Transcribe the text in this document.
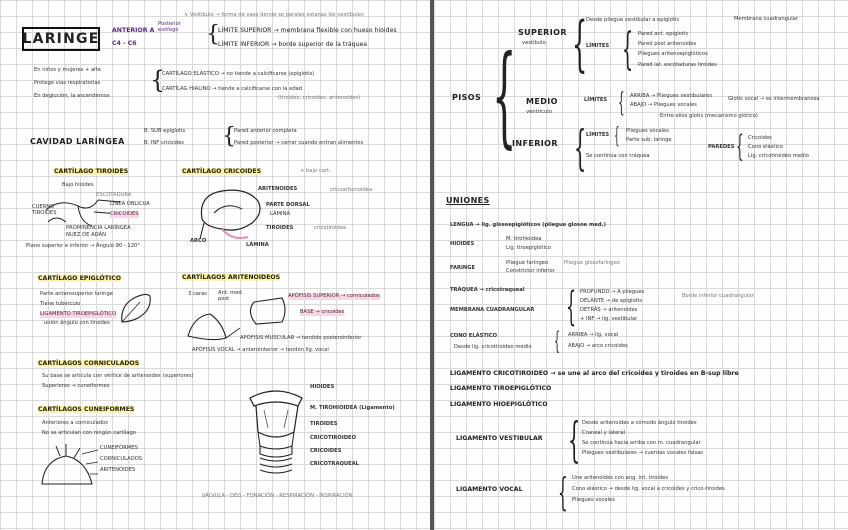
↳ Vestíbulo → forma de vaso dende se parales estanas los vestíbules
LARINGE
ANTERIOR A
C4 - C6
Posterior esófago	{
LÍMITE SUPERIOR → membrana flexible con hueso hioides
LÍMITE INFERIOR → borde superior de la tráquea
En niños y mujeres + alta
Protege vías respiratorias
En deglución, la ascendemos
{
CARTÍLAGO ELÁSTICO → no tiende a calcificarse (epiglotis)
CARTÍLAG HIALINO → tiende a calcificarse con la edad
(tiroides, cricoides, aritenoides)
CAVIDAD LARÍNGEA
B. SUB epiglotis
B. INF cricoides {
Pared anterior completa
Pared posterior → cerrar cuando entran alimentos
CARTÍLAGO TIROIDES
Bajo hioides
ESCOTADURA
LÍNEA OBLICUA
CRICOIDES
CUERNO TIROIDES
PROMINENCIA LARÍNGEA
NUEZ DE ADÁN
Plano superior e inferior → Ángulo 90 - 120°
CARTÍLAGO CRICOIDES	+ bajo cart.
ARITENOIDES	cricoaritenoidea
PARTE DORSAL
LÁMINA
TIROIDES	cricotiroidea
ARCO
LÁMINA
CARTÍLAGO EPIGLÓTICO
Parte anterosuperior laringe
Tiene tubérculo
LIGAMENTO TIROEPIGLÓTICO
unión ángulo con tiroides
CARTÍLAGOS ARITENOIDEOS
3 caras Ant. med post	APÓFISIS SUPERIOR → corniculados
BASE → cricoides
APÓFISIS MUSCULAR → tendido posteroinferior
APÓFISIS VOCAL → anterointerior → tendón lig. vocal
CARTÍLAGOS CORNICULADOS
Su base se articula con vértice de aritenoides (superiores)
Superiores → cuneiformes
CARTÍLAGOS CUNEIFORMES
Anteriores a corniculados
No se articulan con ningún cartílago
CUNEIFORMES
CORNICULADOS
ARITENOIDES
HIOIDES
M. TIROHIOIDEA (Ligamento)
TIROIDES
CRICOTIROIDEO
CRICOIDES
CRICOTRAQUEAL
VÁLVULA - DEG - FONACIÓN - RESPIRACIÓN - INSPIRACIÓN
PISOS { SUPERIOR
vestíbulo {
Desde pliegue vestibular a epiglotis	Membrana cuadrangular
LÍMITES { Pared ant. epiglotis
Pared post aritenoides
Pliegues aritenoepiglóticos
Pared lat. escotaduras tiroides
MEDIO
ventrículo
LÍMITES { ARRIBA → Pliegues vestibulares
ABAJO → Pliegues vocales
Entre ellos glotis (mecanismo glótico)
Glotis vocal → es intermembranosa
INFERIOR { LÍMITES { Pliegues vocales
Parte sub. laringe
Se continúa con tráquea
PAREDES { Cricoides
Cono elástico
Lig. cricotiroideo medio
UNIONES
LENGUA → lig. glosoepiglóticos (pliegue glosoe med.)
HIOIDES
M. tirohioidea
Lig. tiroepiglótico
FARINGE
Pliegue faríngeo
Constrictor inferior
Pliegue glosofaríngeo
TRÁQUEA → cricotraqueal
MEMBRANA CUADRANGULAR { PROFUNDO → A pliegues
DELANTE → de epiglotis
DETRÁS → aritenoides
+ INF → lig. vestibular
Borde inferior cuadrangular
CONO ELÁSTICO
Desde lig. cricotiroideo medio { ARRIBA → lig. vocal
ABAJO → arco cricoides
LIGAMENTO CRICOTIROIDEO → se une al arco del cricoides y tiroides en B-sup libre
LIGAMENTO TIROEPIGLÓTICO
LIGAMENTO HIOEPIGLÓTICO
LIGAMENTO VESTIBULAR { Desde aritenoides a cómodo ángulo tiroides
Craneal y lateral
Se continúa hacia arriba con m. cuadrangular
Pliegues vestibulares → cuerdas vocales falsas
LIGAMENTO VOCAL { Une aritenoides con ang. int. tiroides
Cono elástico → desde lig. vocal a cricoides y crico-tiroides
Pliegues vocales
